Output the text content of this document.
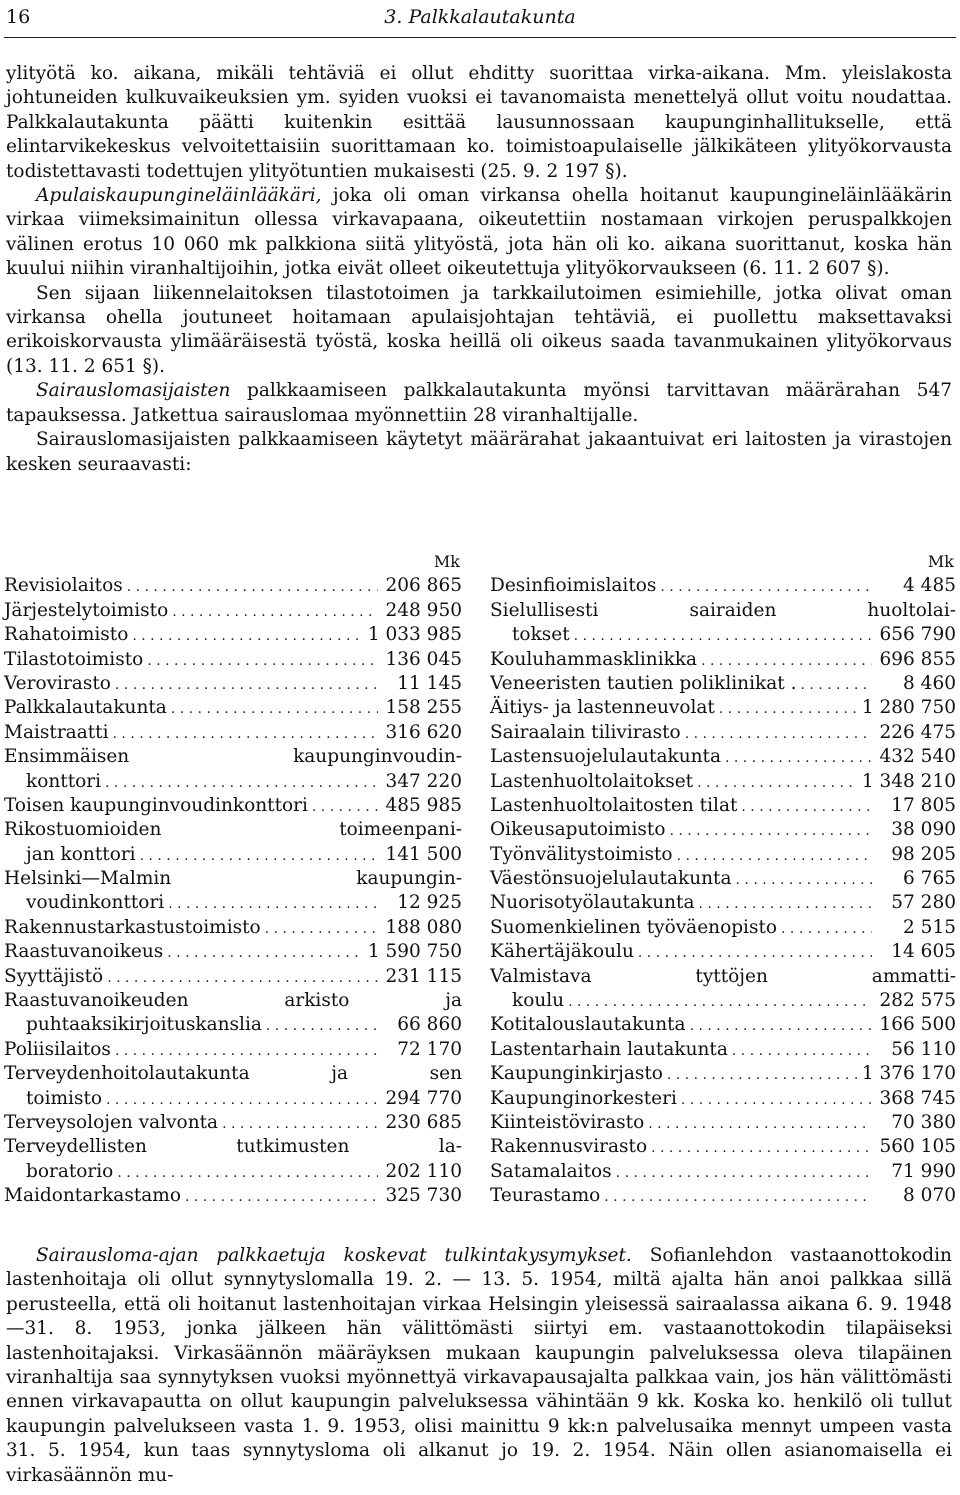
16	3. Palkkalautakunta

ylityötä ko. aikana, mikäli tehtäviä ei ollut ehditty suorittaa virka-aikana. Mm. yleislakosta johtuneiden kulkuvaikeuksien ym. syiden vuoksi ei tavanomaista menettelyä ollut voitu noudattaa. Palkkalautakunta päätti kuitenkin esittää lausunnossaan kaupunginhallitukselle, että elintarvikekeskus velvoitettaisiin suorittamaan ko. toimistoapulaiselle jälkikäteen ylityökorvausta todistettavasti todettujen ylityötuntien mukaisesti (25. 9. 2 197 §).

Apulaiskaupungineläinlääkäri, joka oli oman virkansa ohella hoitanut kaupungineläinlääkärin virkaa viimeksimainitun ollessa virkavapaana, oikeutettiin nostamaan virkojen peruspalkkojen välinen erotus 10 060 mk palkkiona siitä ylityöstä, jota hän oli ko. aikana suorittanut, koska hän kuului niihin viranhaltijoihin, jotka eivät olleet oikeutettuja ylityökorvaukseen (6. 11. 2 607 §).

Sen sijaan liikennelaitoksen tilastotoimen ja tarkkailutoimen esimiehille, jotka olivat oman virkansa ohella joutuneet hoitamaan apulaisjohtajan tehtäviä, ei puollettu maksettavaksi erikoiskorvausta ylimääräisestä työstä, koska heillä oli oikeus saada tavanmukainen ylityökorvaus (13. 11. 2 651 §).

Sairauslomasijaisten palkkaamiseen palkkalautakunta myönsi tarvittavan määrärahan 547 tapauksessa. Jatkettua sairauslomaa myönnettiin 28 viranhaltijalle.

Sairauslomasijaisten palkkaamiseen käytetyt määrärahat jakaantuivat eri laitosten ja virastojen kesken seuraavasti:

Mk
Revisiolaitos . . .	206 865
Järjestelytoimisto . . .	248 950
Rahatoimisto . . .	1 033 985
Tilastotoimisto . . .	136 045
Verovirasto . . .	11 145
Palkkalautakunta . . .	158 255
Maistraatti . . .	316 620
Ensimmäisen kaupunginvoudin-
konttori . . .	347 220
Toisen kaupunginvoudinkonttori . . .	485 985
Rikostuomioiden toimeenpani-
jan konttori . . .	141 500
Helsinki—Malmin kaupungin-
voudinkonttori . . .	12 925
Rakennustarkastustoimisto . . .	188 080
Raastuvanoikeus . . .	1 590 750
Syyttäjistö . . .	231 115
Raastuvanoikeuden arkisto ja
puhtaaksikirjoituskanslia . . .	66 860
Poliisilaitos . . .	72 170
Terveydenhoitolautakunta ja sen
toimisto . . .	294 770
Terveysolojen valvonta . . .	230 685
Terveydellisten tutkimusten la-
boratorio . . .	202 110
Maidontarkastamo . . .	325 730
Mk
Desinfioimislaitos . . .	4 485
Sielullisesti sairaiden huoltolai-
tokset . . .	656 790
Kouluhammasklinikka . . .	696 855
Veneeristen tautien poliklinikat . . . .	8 460
Äitiys- ja lastenneuvolat . . .	1 280 750
Sairaalain tilivirasto . . .	226 475
Lastensuojelulautakunta . . .	432 540
Lastenhuoltolaitokset . . .	1 348 210
Lastenhuoltolaitosten tilat . . .	17 805
Oikeusaputoimisto . . .	38 090
Työnvälitystoimisto . . .	98 205
Väestönsuojelulautakunta . . .	6 765
Nuorisotyölautakunta . . .	57 280
Suomenkielinen työväenopisto . . .	2 515
Kähertäjäkoulu . . .	14 605
Valmistava tyttöjen ammatti-
koulu . . .	282 575
Kotitalouslautakunta . . .	166 500
Lastentarhain lautakunta . . .	56 110
Kaupunginkirjasto . . .	1 376 170
Kaupunginorkesteri . . .	368 745
Kiinteistövirasto . . .	70 380
Rakennusvirasto . . .	560 105
Satamalaitos . . .	71 990
Teurastamo . . .	8 070

Sairausloma-ajan palkkaetuja koskevat tulkintakysymykset. Sofianlehdon vastaanottokodin lastenhoitaja oli ollut synnytyslomalla 19. 2. — 13. 5. 1954, miltä ajalta hän anoi palkkaa sillä perusteella, että oli hoitanut lastenhoitajan virkaa Helsingin yleisessä sairaalassa aikana 6. 9. 1948—31. 8. 1953, jonka jälkeen hän välittömästi siirtyi em. vastaanottokodin tilapäiseksi lastenhoitajaksi. Virkasäännön määräyksen mukaan kaupungin palveluksessa oleva tilapäinen viranhaltija saa synnytyksen vuoksi myönnettyä virkavapausajalta palkkaa vain, jos hän välittömästi ennen virkavapautta on ollut kaupungin palveluksessa vähintään 9 kk. Koska ko. henkilö oli tullut kaupungin palvelukseen vasta 1. 9. 1953, olisi mainittu 9 kk:n palvelusaika mennyt umpeen vasta 31. 5. 1954, kun taas synnytysloma oli alkanut jo 19. 2. 1954. Näin ollen asianomaisella ei virkasäännön mu-
